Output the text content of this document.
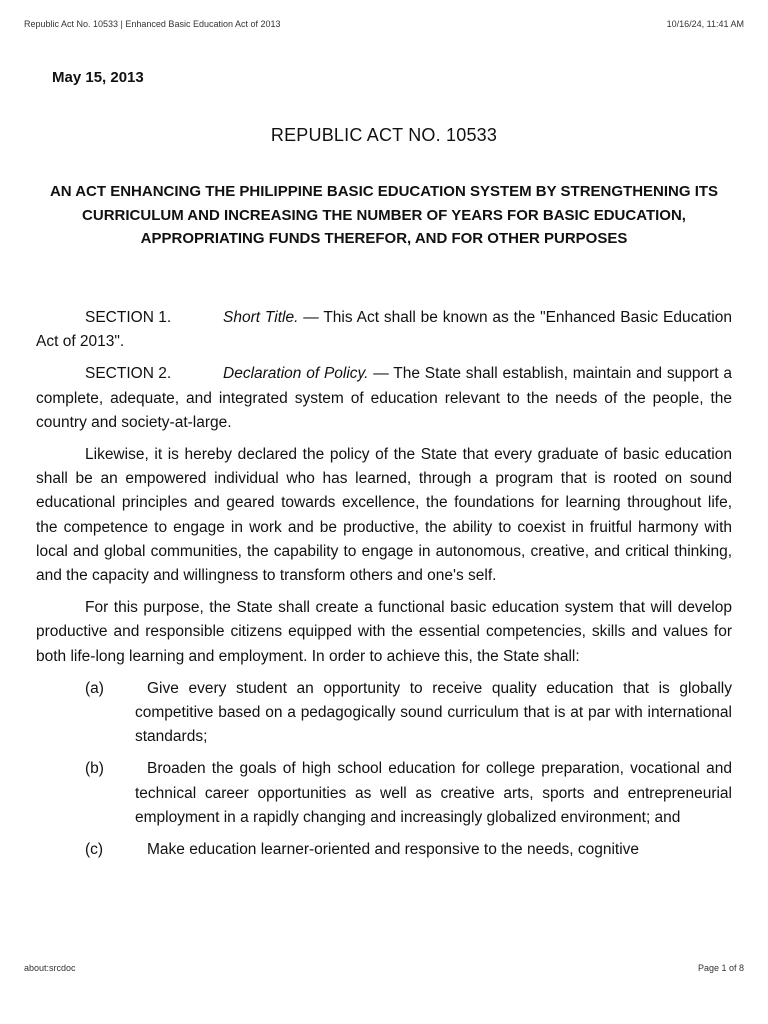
Republic Act No. 10533 | Enhanced Basic Education Act of 2013	10/16/24, 11:41 AM
May 15, 2013
REPUBLIC ACT NO. 10533
AN ACT ENHANCING THE PHILIPPINE BASIC EDUCATION SYSTEM BY STRENGTHENING ITS CURRICULUM AND INCREASING THE NUMBER OF YEARS FOR BASIC EDUCATION, APPROPRIATING FUNDS THEREFOR, AND FOR OTHER PURPOSES

SECTION 1.	Short Title. — This Act shall be known as the "Enhanced Basic Education Act of 2013".

SECTION 2.	Declaration of Policy. — The State shall establish, maintain and support a complete, adequate, and integrated system of education relevant to the needs of the people, the country and society-at-large.

Likewise, it is hereby declared the policy of the State that every graduate of basic education shall be an empowered individual who has learned, through a program that is rooted on sound educational principles and geared towards excellence, the foundations for learning throughout life, the competence to engage in work and be productive, the ability to coexist in fruitful harmony with local and global communities, the capability to engage in autonomous, creative, and critical thinking, and the capacity and willingness to transform others and one's self.

For this purpose, the State shall create a functional basic education system that will develop productive and responsible citizens equipped with the essential competencies, skills and values for both life-long learning and employment. In order to achieve this, the State shall:

(a)	Give every student an opportunity to receive quality education that is globally competitive based on a pedagogically sound curriculum that is at par with international standards;
(b)	Broaden the goals of high school education for college preparation, vocational and technical career opportunities as well as creative arts, sports and entrepreneurial employment in a rapidly changing and increasingly globalized environment; and
(c)	Make education learner-oriented and responsive to the needs, cognitive
about:srcdoc	Page 1 of 8
